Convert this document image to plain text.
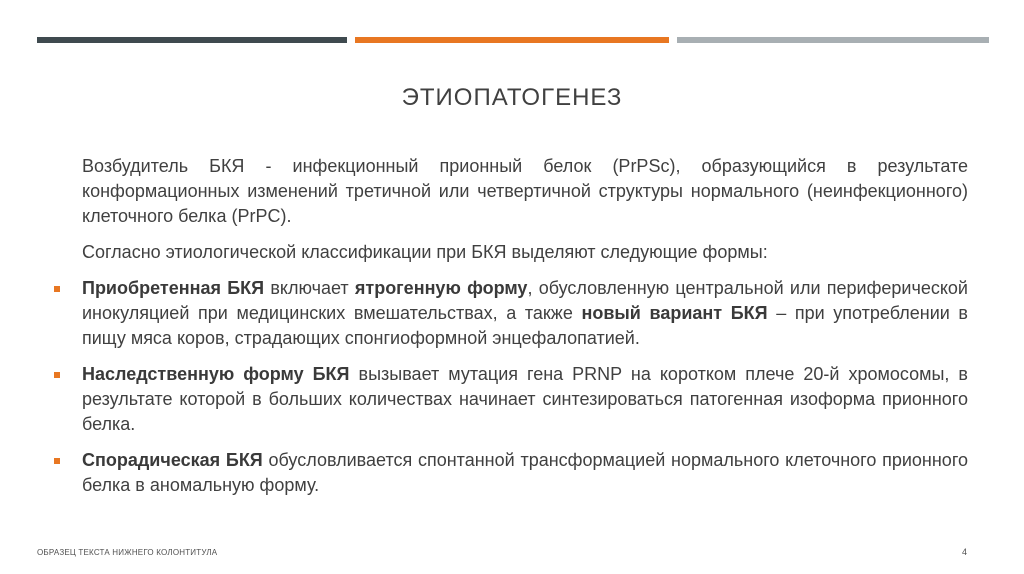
ЭТИОПАТОГЕНЕЗ

Возбудитель БКЯ - инфекционный прионный белок (PrPSc), образующийся в результате конформационных изменений третичной или четвертичной структуры нормального (неинфекционного) клеточного белка (PrPC).

Согласно этиологической классификации при БКЯ выделяют следующие формы:

Приобретенная БКЯ включает ятрогенную форму, обусловленную центральной или периферической инокуляцией при медицинских вмешательствах, а также новый вариант БКЯ – при употреблении в пищу мяса коров, страдающих спонгиоформной энцефалопатией.
Наследственную форму БКЯ вызывает мутация гена PRNP на коротком плече 20-й хромосомы, в результате которой в больших количествах начинает синтезироваться патогенная изоформа прионного белка.
Спорадическая БКЯ обусловливается спонтанной трансформацией нормального клеточного прионного белка в аномальную форму.
ОБРАЗЕЦ ТЕКСТА НИЖНЕГО КОЛОНТИТУЛА	4
